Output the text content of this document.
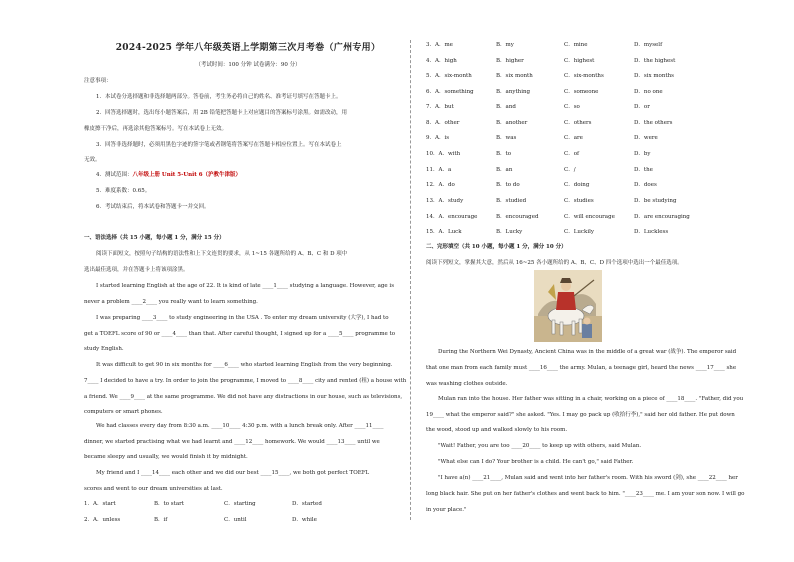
2024-2025 学年八年级英语上学期第三次月考卷（广州专用）
（考试时间：100 分钟 试卷满分：90 分）
注意事项：
1．本试卷分选择题和非选择题两部分。答卷前，考生务必将自己的姓名、准考证号填写在答题卡上。
2．回答选择题时，选出每小题答案后，用 2B 铅笔把答题卡上对应题目的答案标号涂黑。如需改动，用
橡皮擦干净后，再选涂其他答案标号。写在本试卷上无效。
3．回答非选择题时，必须用黑色字迹的签字笔或者钢笔将答案写在答题卡相应位置上。写在本试卷上
无效。
4．测试范围：八年级上册 Unit 5-Unit 6（沪教牛津版）
5．难度系数：0.65。
6．考试结束后，将本试卷和答题卡一并交回。
一、语法选择（共 15 小题，每小题 1 分，满分 15 分）
阅读下面短文，按照句子结构的语法性和上下文连贯的要求，从 1~15 各题所给的 A、B、C 和 D 项中
选出最佳选项，并在答题卡上将该项涂黑。
I started learning English at the age of 22. It is kind of late ____1____ studying a language. However, age is
never a problem ____2____ you really want to learn something.
I was preparing ____3____ to study engineering in the USA . To enter my dream university (大学), I had to
get a TOEFL score of 90 or ____4____ than that. After careful thought, I signed up for a ____5____ programme to
study English.
It was difficult to get 90 in six months for ____6____ who started learning English from the very beginning.
7____ I decided to have a try. In order to join the programme, I moved to ____8____ city and rented (租) a house with
a friend. We ____9____ at the same programme. We did not have any distractions in our house, such as televisions,
computers or smart phones.
We had classes every day from 8:30 a.m. ____10____ 4:30 p.m. with a lunch break only. After ____11____
dinner, we started practising what we had learnt and ____12____ homework. We would ____13____ until we
became sleepy and usually, we would finish it by midnight.
My friend and I ____14____ each other and we did our best ____15____, we both got perfect TOEFL
scores and went to our dream universities at last.
1．A．start	B．to start	C．starting	D．started
2．A．unless	B．if	C．until	D．while
3．A．me	B．my	C．mine	D．myself
4．A．high	B．higher	C．highest	D．the highest
5．A．six-month	B．six month	C．six-months	D．six months
6．A．something	B．anything	C．someone	D．no one
7．A．but	B．and	C．so	D．or
8．A．other	B．another	C．others	D．the others
9．A．is	B．was	C．are	D．were
10．A．with	B．to	C．of	D．by
11．A．a	B．an	C．/	D．the
12．A．do	B．to do	C．doing	D．does
13．A．study	B．studied	C．studies	D．be studying
14．A．encourage	B．encouraged	C．will encourage	D．are encouraging
15．A．Luck	B．Lucky	C．Luckily	D．Luckless
二、完形填空（共 10 小题，每小题 1 分，满分 10 分）
阅读下列短文，掌握其大意，然后从 16~25 各小题所给的 A、B、C、D 四个选项中选出一个最佳选项。
During the Northern Wei Dynasty, Ancient China was in the middle of a great war (战争). The emperor said
that one man from each family must ____16____ the army. Mulan, a teenage girl, heard the news ____17____ she
was washing clothes outside.
Mulan ran into the house. Her father was sitting in a chair, working on a piece of ____18____. "Father, did you
19____ what the emperor said?" she asked. "Yes. I may go pack up (收拾行李)," said her old father. He put down
the wood, stood up and walked slowly to his room.
"Wait! Father, you are too ____20____ to keep up with others, said Mulan.
"What else can I do? Your brother is a child. He can't go," said Father.
"I have a(n) ____21____, Mulan said and went into her father's room. With his sword (剑), she ____22____ her
long black hair. She put on her father's clothes and went back to him. "____23____ me. I am your son now. I will go
in your place."
